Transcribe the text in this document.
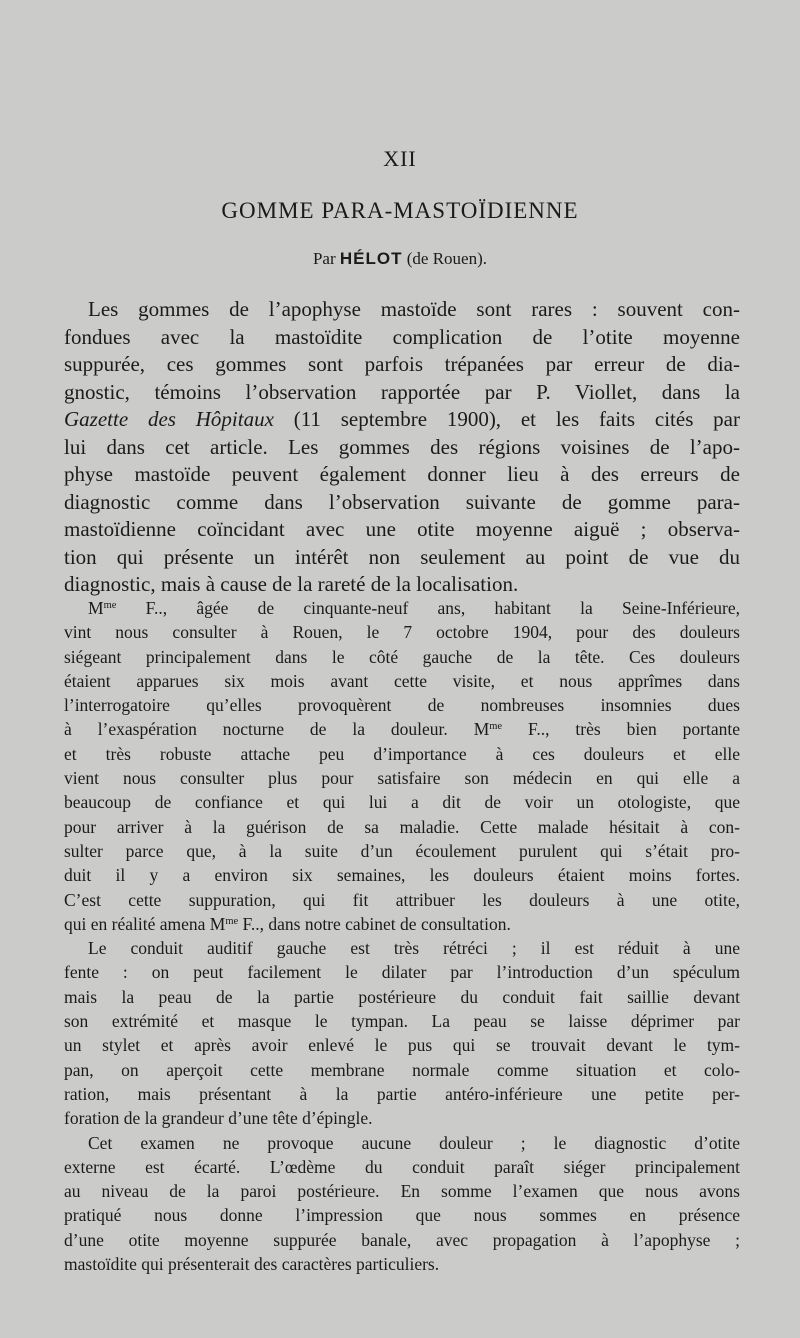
XII
GOMME PARA-MASTOÏDIENNE
Par HÉLOT (de Rouen).
Les gommes de l’apophyse mastoïde sont rares : souvent con-
fondues avec la mastoïdite complication de l’otite moyenne
suppurée, ces gommes sont parfois trépanées par erreur de dia-
gnostic, témoins l’observation rapportée par P. Viollet, dans la
Gazette des Hôpitaux (11 septembre 1900), et les faits cités par
lui dans cet article. Les gommes des régions voisines de l’apo-
physe mastoïde peuvent également donner lieu à des erreurs de
diagnostic comme dans l’observation suivante de gomme para-
mastoïdienne coïncidant avec une otite moyenne aiguë ; observa-
tion qui présente un intérêt non seulement au point de vue du
diagnostic, mais à cause de la rareté de la localisation.
$M^{me}$ F.., âgée de cinquante-neuf ans, habitant la Seine-Inférieure,
vint nous consulter à Rouen, le 7 octobre 1904, pour des douleurs
siégeant principalement dans le côté gauche de la tête. Ces douleurs
étaient apparues six mois avant cette visite, et nous apprîmes dans
l’interrogatoire qu’elles provoquèrent de nombreuses insomnies dues
à l’exaspération nocturne de la douleur. $M^{me}$ F.., très bien portante
et très robuste attache peu d’importance à ces douleurs et elle
vient nous consulter plus pour satisfaire son médecin en qui elle a
beaucoup de confiance et qui lui a dit de voir un otologiste, que
pour arriver à la guérison de sa maladie. Cette malade hésitait à con-
sulter parce que, à la suite d’un écoulement purulent qui s’était pro-
duit il y a environ six semaines, les douleurs étaient moins fortes.
C’est cette suppuration, qui fit attribuer les douleurs à une otite,
qui en réalité amena $M^{me}$ F.., dans notre cabinet de consultation.
Le conduit auditif gauche est très rétréci ; il est réduit à une
fente : on peut facilement le dilater par l’introduction d’un spéculum
mais la peau de la partie postérieure du conduit fait saillie devant
son extrémité et masque le tympan. La peau se laisse déprimer par
un stylet et après avoir enlevé le pus qui se trouvait devant le tym-
pan, on aperçoit cette membrane normale comme situation et colo-
ration, mais présentant à la partie antéro-inférieure une petite per-
foration de la grandeur d’une tête d’épingle.
Cet examen ne provoque aucune douleur ; le diagnostic d’otite
externe est écarté. L’œdème du conduit paraît siéger principalement
au niveau de la paroi postérieure. En somme l’examen que nous avons
pratiqué nous donne l’impression que nous sommes en présence
d’une otite moyenne suppurée banale, avec propagation à l’apophyse ;
mastoïdite qui présenterait des caractères particuliers.
